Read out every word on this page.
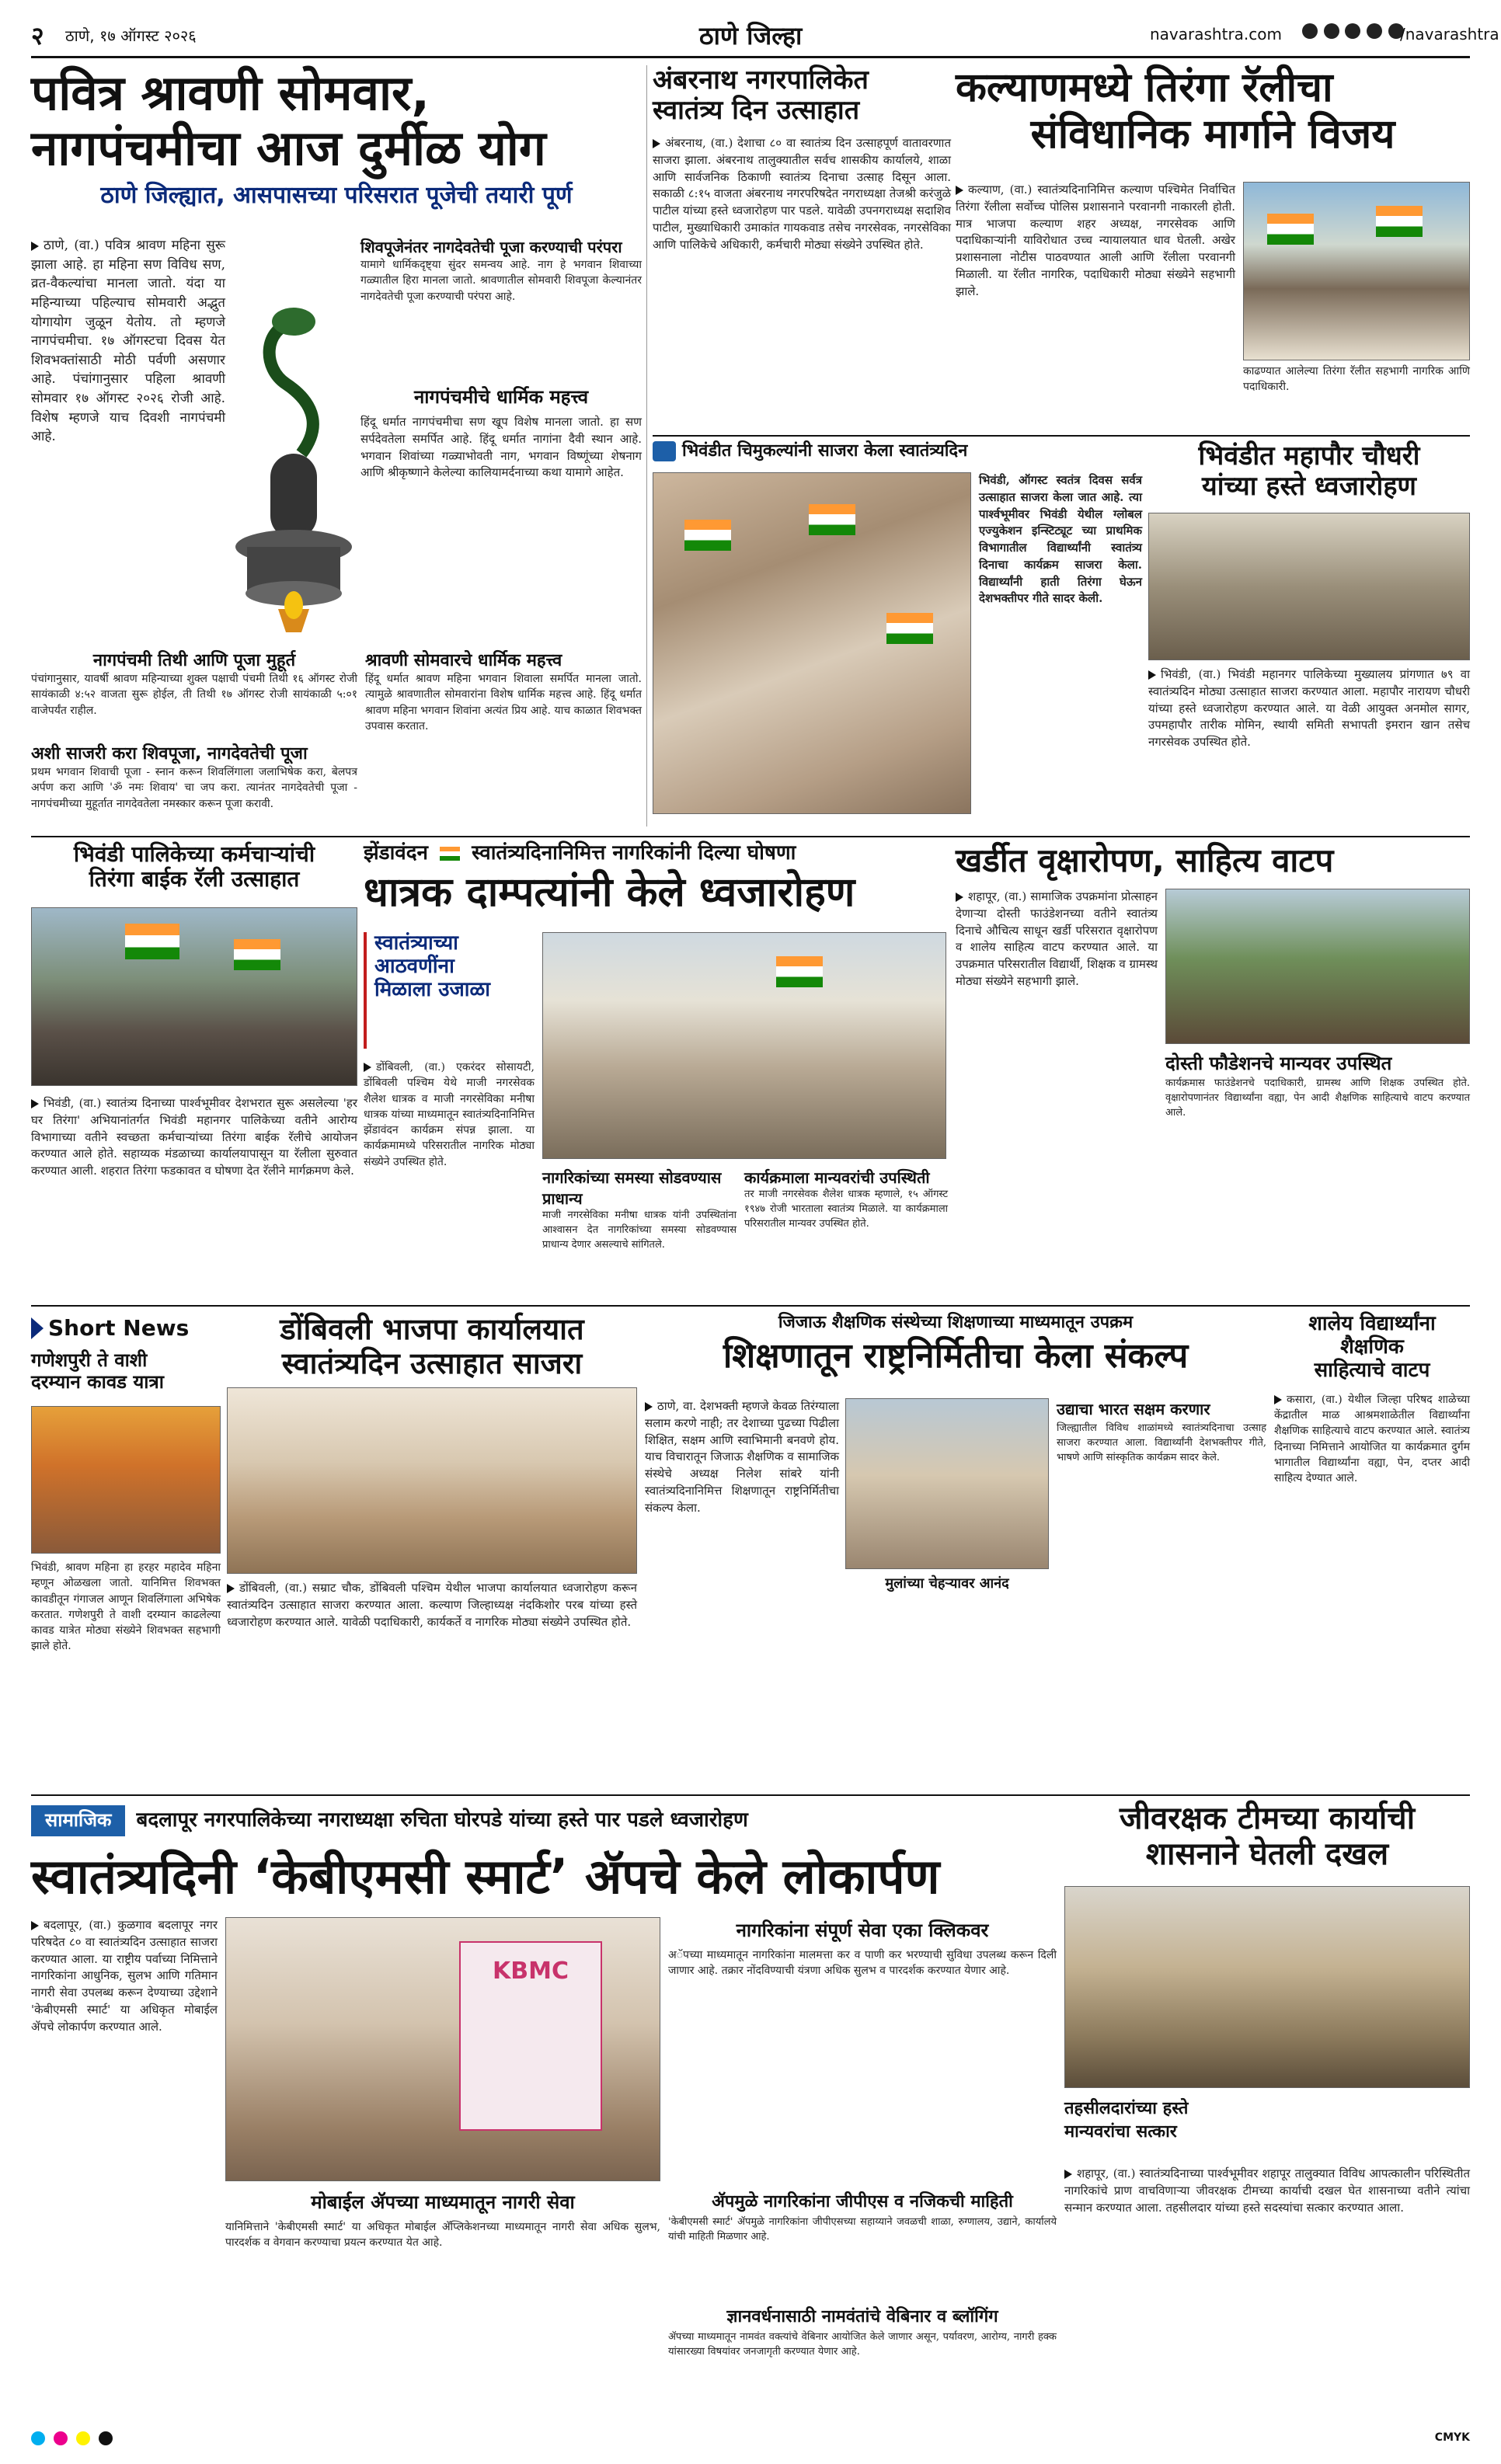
२ ठाणे, १७ ऑगस्ट २०२६	ठाणे जिल्हा	navarashtra.com
	/navarashtra
पवित्र श्रावणी सोमवार,
नागपंचमीचा आज दुर्मीळ योग
ठाणे जिल्ह्यात, आसपासच्या परिसरात पूजेची तयारी पूर्ण
ठाणे, (वा.) पवित्र श्रावण महिना सुरू झाला आहे. हा महिना सण विविध सण, व्रत-वैकल्यांचा मानला जातो. यंदा या महिन्याच्या पहिल्याच सोमवारी अद्भुत योगायोग जुळून येतोय. तो म्हणजे नागपंचमीचा. १७ ऑगस्टचा दिवस येत शिवभक्तांसाठी मोठी पर्वणी असणार आहे. पंचांगानुसार पहिला श्रावणी सोमवार १७ ऑगस्ट २०२६ रोजी आहे. विशेष म्हणजे याच दिवशी नागपंचमी आहे.
शिवपूजेनंतर नागदेवतेची पूजा करण्याची परंपरा
यामागे धार्मिकदृष्ट्या सुंदर समन्वय आहे. नाग हे भगवान शिवाच्या गळ्यातील हिरा मानला जातो. श्रावणातील सोमवारी शिवपूजा केल्यानंतर नागदेवतेची पूजा करण्याची परंपरा आहे.
नागपंचमीचे धार्मिक महत्त्व
हिंदू धर्मात नागपंचमीचा सण खूप विशेष मानला जातो. हा सण सर्पदेवतेला समर्पित आहे. हिंदू धर्मात नागांना दैवी स्थान आहे. भगवान शिवांच्या गळ्याभोवती नाग, भगवान विष्णूंच्या शेषनाग आणि श्रीकृष्णाने केलेल्या कालियामर्दनाच्या कथा यामागे आहेत.
नागपंचमी तिथी आणि पूजा मुहूर्त
पंचांगानुसार, यावर्षी श्रावण महिन्याच्या शुक्ल पक्षाची पंचमी तिथी १६ ऑगस्ट रोजी सायंकाळी ४:५२ वाजता सुरू होईल, ती तिथी १७ ऑगस्ट रोजी सायंकाळी ५:०१ वाजेपर्यंत राहील.
अशी साजरी करा शिवपूजा, नागदेवतेची पूजा
प्रथम भगवान शिवाची पूजा - स्नान करून शिवलिंगाला जलाभिषेक करा, बेलपत्र अर्पण करा आणि 'ॐ नमः शिवाय' चा जप करा. त्यानंतर नागदेवतेची पूजा - नागपंचमीच्या मुहूर्तात नागदेवतेला नमस्कार करून पूजा करावी.
श्रावणी सोमवारचे धार्मिक महत्त्व
हिंदू धर्मात श्रावण महिना भगवान शिवाला समर्पित मानला जातो. त्यामुळे श्रावणातील सोमवारांना विशेष धार्मिक महत्त्व आहे. हिंदू धर्मात श्रावण महिना भगवान शिवांना अत्यंत प्रिय आहे. याच काळात शिवभक्त उपवास करतात.
अंबरनाथ नगरपालिकेत
स्वातंत्र्य दिन उत्साहात
अंबरनाथ, (वा.) देशाचा ८० वा स्वातंत्र्य दिन उत्साहपूर्ण वातावरणात साजरा झाला. अंबरनाथ तालुक्यातील सर्वच शासकीय कार्यालये, शाळा आणि सार्वजनिक ठिकाणी स्वातंत्र्य दिनाचा उत्साह दिसून आला. सकाळी ८:१५ वाजता अंबरनाथ नगरपरिषदेत नगराध्यक्षा तेजश्री करंजुळे पाटील यांच्या हस्ते ध्वजारोहण पार पडले. यावेळी उपनगराध्यक्ष सदाशिव पाटील, मुख्याधिकारी उमाकांत गायकवाड तसेच नगरसेवक, नगरसेविका आणि पालिकेचे अधिकारी, कर्मचारी मोठ्या संख्येने उपस्थित होते.
कल्याणमध्ये तिरंगा रॅलीचा
संविधानिक मार्गाने विजय
कल्याण, (वा.) स्वातंत्र्यदिनानिमित्त कल्याण पश्चिमेत निर्वाचित तिरंगा रॅलीला सर्वोच्च पोलिस प्रशासनाने परवानगी नाकारली होती. मात्र भाजपा कल्याण शहर अध्यक्ष, नगरसेवक आणि पदाधिकाऱ्यांनी याविरोधात उच्च न्यायालयात धाव घेतली. अखेर प्रशासनाला नोटीस पाठवण्यात आली आणि रॅलीला परवानगी मिळाली. या रॅलीत नागरिक, पदाधिकारी मोठ्या संख्येने सहभागी झाले.
काढण्यात आलेल्या तिरंगा रॅलीत सहभागी नागरिक आणि पदाधिकारी.
भिवंडीत चिमुकल्यांनी साजरा केला स्वातंत्र्यदिन
भिवंडी, ऑगस्ट स्वतंत्र दिवस सर्वत्र उत्साहात साजरा केला जात आहे. त्या पार्श्वभूमीवर भिवंडी येथील ग्लोबल एज्युकेशन इन्स्टिट्यूट च्या प्राथमिक विभागातील विद्यार्थ्यांनी स्वातंत्र्य दिनाचा कार्यक्रम साजरा केला. विद्यार्थ्यांनी हाती तिरंगा घेऊन देशभक्तीपर गीते सादर केली.
भिवंडीत महापौर चौधरी
यांच्या हस्ते ध्वजारोहण
भिवंडी, (वा.) भिवंडी महानगर पालिकेच्या मुख्यालय प्रांगणात ७९ वा स्वातंत्र्यदिन मोठ्या उत्साहात साजरा करण्यात आला. महापौर नारायण चौधरी यांच्या हस्ते ध्वजारोहण करण्यात आले. या वेळी आयुक्त अनमोल सागर, उपमहापौर तारीक मोमिन, स्थायी समिती सभापती इमरान खान तसेच नगरसेवक उपस्थित होते.
भिवंडी पालिकेच्या कर्मचाऱ्यांची
तिरंगा बाईक रॅली उत्साहात
भिवंडी, (वा.) स्वातंत्र्य दिनाच्या पार्श्वभूमीवर देशभरात सुरू असलेल्या 'हर घर तिरंगा' अभियानांतर्गत भिवंडी महानगर पालिकेच्या वतीने आरोग्य विभागाच्या वतीने स्वच्छता कर्मचाऱ्यांच्या तिरंगा बाईक रॅलीचे आयोजन करण्यात आले होते. सहाय्यक मंडळाच्या कार्यालयापासून या रॅलीला सुरुवात करण्यात आली. शहरात तिरंगा फडकावत व घोषणा देत रॅलीने मार्गक्रमण केले.
झेंडावंदन स्वातंत्र्यदिनानिमित्त नागरिकांनी दिल्या घोषणा
धात्रक दाम्पत्यांनी केले ध्वजारोहण
स्वातंत्र्याच्या
आठवणींना
मिळाला उजाळा
डोंबिवली, (वा.) एकरंदर सोसायटी, डोंबिवली पश्चिम येथे माजी नगरसेवक शैलेश धात्रक व माजी नगरसेविका मनीषा धात्रक यांच्या माध्यमातून स्वातंत्र्यदिनानिमित्त झेंडावंदन कार्यक्रम संपन्न झाला. या कार्यक्रमामध्ये परिसरातील नागरिक मोठ्या संख्येने उपस्थित होते.
नागरिकांच्या समस्या सोडवण्यास प्राधान्य
माजी नगरसेविका मनीषा धात्रक यांनी उपस्थितांना आश्वासन देत नागरिकांच्या समस्या सोडवण्यास प्राधान्य देणार असल्याचे सांगितले.
कार्यक्रमाला मान्यवरांची उपस्थिती
तर माजी नगरसेवक शैलेश धात्रक म्हणाले, १५ ऑगस्ट १९४७ रोजी भारताला स्वातंत्र्य मिळाले. या कार्यक्रमाला परिसरातील मान्यवर उपस्थित होते.
खर्डीत वृक्षारोपण, साहित्य वाटप
शहापूर, (वा.) सामाजिक उपक्रमांना प्रोत्साहन देणाऱ्या दोस्ती फाउंडेशनच्या वतीने स्वातंत्र्य दिनाचे औचित्य साधून खर्डी परिसरात वृक्षारोपण व शालेय साहित्य वाटप करण्यात आले. या उपक्रमात परिसरातील विद्यार्थी, शिक्षक व ग्रामस्थ मोठ्या संख्येने सहभागी झाले.
दोस्ती फौडेशनचे मान्यवर उपस्थित
कार्यक्रमास फाउंडेशनचे पदाधिकारी, ग्रामस्थ आणि शिक्षक उपस्थित होते. वृक्षारोपणानंतर विद्यार्थ्यांना वह्या, पेन आदी शैक्षणिक साहित्याचे वाटप करण्यात आले.
Short News
गणेशपुरी ते वाशी
दरम्यान कावड यात्रा
भिवंडी, श्रावण महिना हा हरहर महादेव महिना म्हणून ओळखला जातो. यानिमित्त शिवभक्त कावडीतून गंगाजल आणून शिवलिंगाला अभिषेक करतात. गणेशपुरी ते वाशी दरम्यान काढलेल्या कावड यात्रेत मोठ्या संख्येने शिवभक्त सहभागी झाले होते.
डोंबिवली भाजपा कार्यालयात
स्वातंत्र्यदिन उत्साहात साजरा
डोंबिवली, (वा.) सम्राट चौक, डोंबिवली पश्चिम येथील भाजपा कार्यालयात ध्वजारोहण करून स्वातंत्र्यदिन उत्साहात साजरा करण्यात आला. कल्याण जिल्हाध्यक्ष नंदकिशोर परब यांच्या हस्ते ध्वजारोहण करण्यात आले. यावेळी पदाधिकारी, कार्यकर्ते व नागरिक मोठ्या संख्येने उपस्थित होते.
जिजाऊ शैक्षणिक संस्थेच्या शिक्षणाच्या माध्यमातून उपक्रम
शिक्षणातून राष्ट्रनिर्मितीचा केला संकल्प
ठाणे, वा. देशभक्ती म्हणजे केवळ तिरंग्याला सलाम करणे नाही; तर देशाच्या पुढच्या पिढीला शिक्षित, सक्षम आणि स्वाभिमानी बनवणे होय. याच विचारातून जिजाऊ शैक्षणिक व सामाजिक संस्थेचे अध्यक्ष निलेश सांबरे यांनी स्वातंत्र्यदिनानिमित्त शिक्षणातून राष्ट्रनिर्मितीचा संकल्प केला.
मुलांच्या चेहऱ्यावर आनंद
उद्याचा भारत सक्षम करणार
जिल्ह्यातील विविध शाळांमध्ये स्वातंत्र्यदिनाचा उत्साह साजरा करण्यात आला. विद्यार्थ्यांनी देशभक्तीपर गीते, भाषणे आणि सांस्कृतिक कार्यक्रम सादर केले.
शालेय विद्यार्थ्यांना
शैक्षणिक
साहित्याचे वाटप
कसारा, (वा.) येथील जिल्हा परिषद शाळेच्या केंद्रातील माळ आश्रमशाळेतील विद्यार्थ्यांना शैक्षणिक साहित्याचे वाटप करण्यात आले. स्वातंत्र्य दिनाच्या निमित्ताने आयोजित या कार्यक्रमात दुर्गम भागातील विद्यार्थ्यांना वह्या, पेन, दप्तर आदी साहित्य देण्यात आले.
सामाजिक	बदलापूर नगरपालिकेच्या नगराध्यक्षा रुचिता घोरपडे यांच्या हस्ते पार पडले ध्वजारोहण
स्वातंत्र्यदिनी ‘केबीएमसी स्मार्ट’ ॲपचे केले लोकार्पण
बदलापूर, (वा.) कुळगाव बदलापूर नगर परिषदेत ८० वा स्वातंत्र्यदिन उत्साहात साजरा करण्यात आला. या राष्ट्रीय पर्वाच्या निमित्ताने नागरिकांना आधुनिक, सुलभ आणि गतिमान नागरी सेवा उपलब्ध करून देण्याच्या उद्देशाने 'केबीएमसी स्मार्ट' या अधिकृत मोबाईल ॲपचे लोकार्पण करण्यात आले.
KBMC
मोबाईल ॲपच्या माध्यमातून नागरी सेवा
यानिमित्ताने 'केबीएमसी स्मार्ट' या अधिकृत मोबाईल अ‍ॅप्लिकेशनच्या माध्यमातून नागरी सेवा अधिक सुलभ, पारदर्शक व वेगवान करण्याचा प्रयत्न करण्यात येत आहे.
नागरिकांना संपूर्ण सेवा एका क्लिकवर
अॅपच्या माध्यमातून नागरिकांना मालमत्ता कर व पाणी कर भरण्याची सुविधा उपलब्ध करून दिली जाणार आहे. तक्रार नोंदविण्याची यंत्रणा अधिक सुलभ व पारदर्शक करण्यात येणार आहे.
ॲपमुळे नागरिकांना जीपीएस व नजिकची माहिती
'केबीएमसी स्मार्ट' ॲपमुळे नागरिकांना जीपीएसच्या सहाय्याने जवळची शाळा, रुग्णालय, उद्याने, कार्यालये यांची माहिती मिळणार आहे.
ज्ञानवर्धनासाठी नामवंतांचे वेबिनार व ब्लॉगिंग
ॲपच्या माध्यमातून नामवंत वक्त्यांचे वेबिनार आयोजित केले जाणार असून, पर्यावरण, आरोग्य, नागरी हक्क यांसारख्या विषयांवर जनजागृती करण्यात येणार आहे.
जीवरक्षक टीमच्या कार्याची
शासनाने घेतली दखल
तहसीलदारांच्या हस्ते
मान्यवरांचा सत्कार
शहापूर, (वा.) स्वातंत्र्यदिनाच्या पार्श्वभूमीवर शहापूर तालुक्यात विविध आपत्कालीन परिस्थितीत नागरिकांचे प्राण वाचविणाऱ्या जीवरक्षक टीमच्या कार्याची दखल घेत शासनाच्या वतीने त्यांचा सन्मान करण्यात आला. तहसीलदार यांच्या हस्ते सदस्यांचा सत्कार करण्यात आला.

CMYK
